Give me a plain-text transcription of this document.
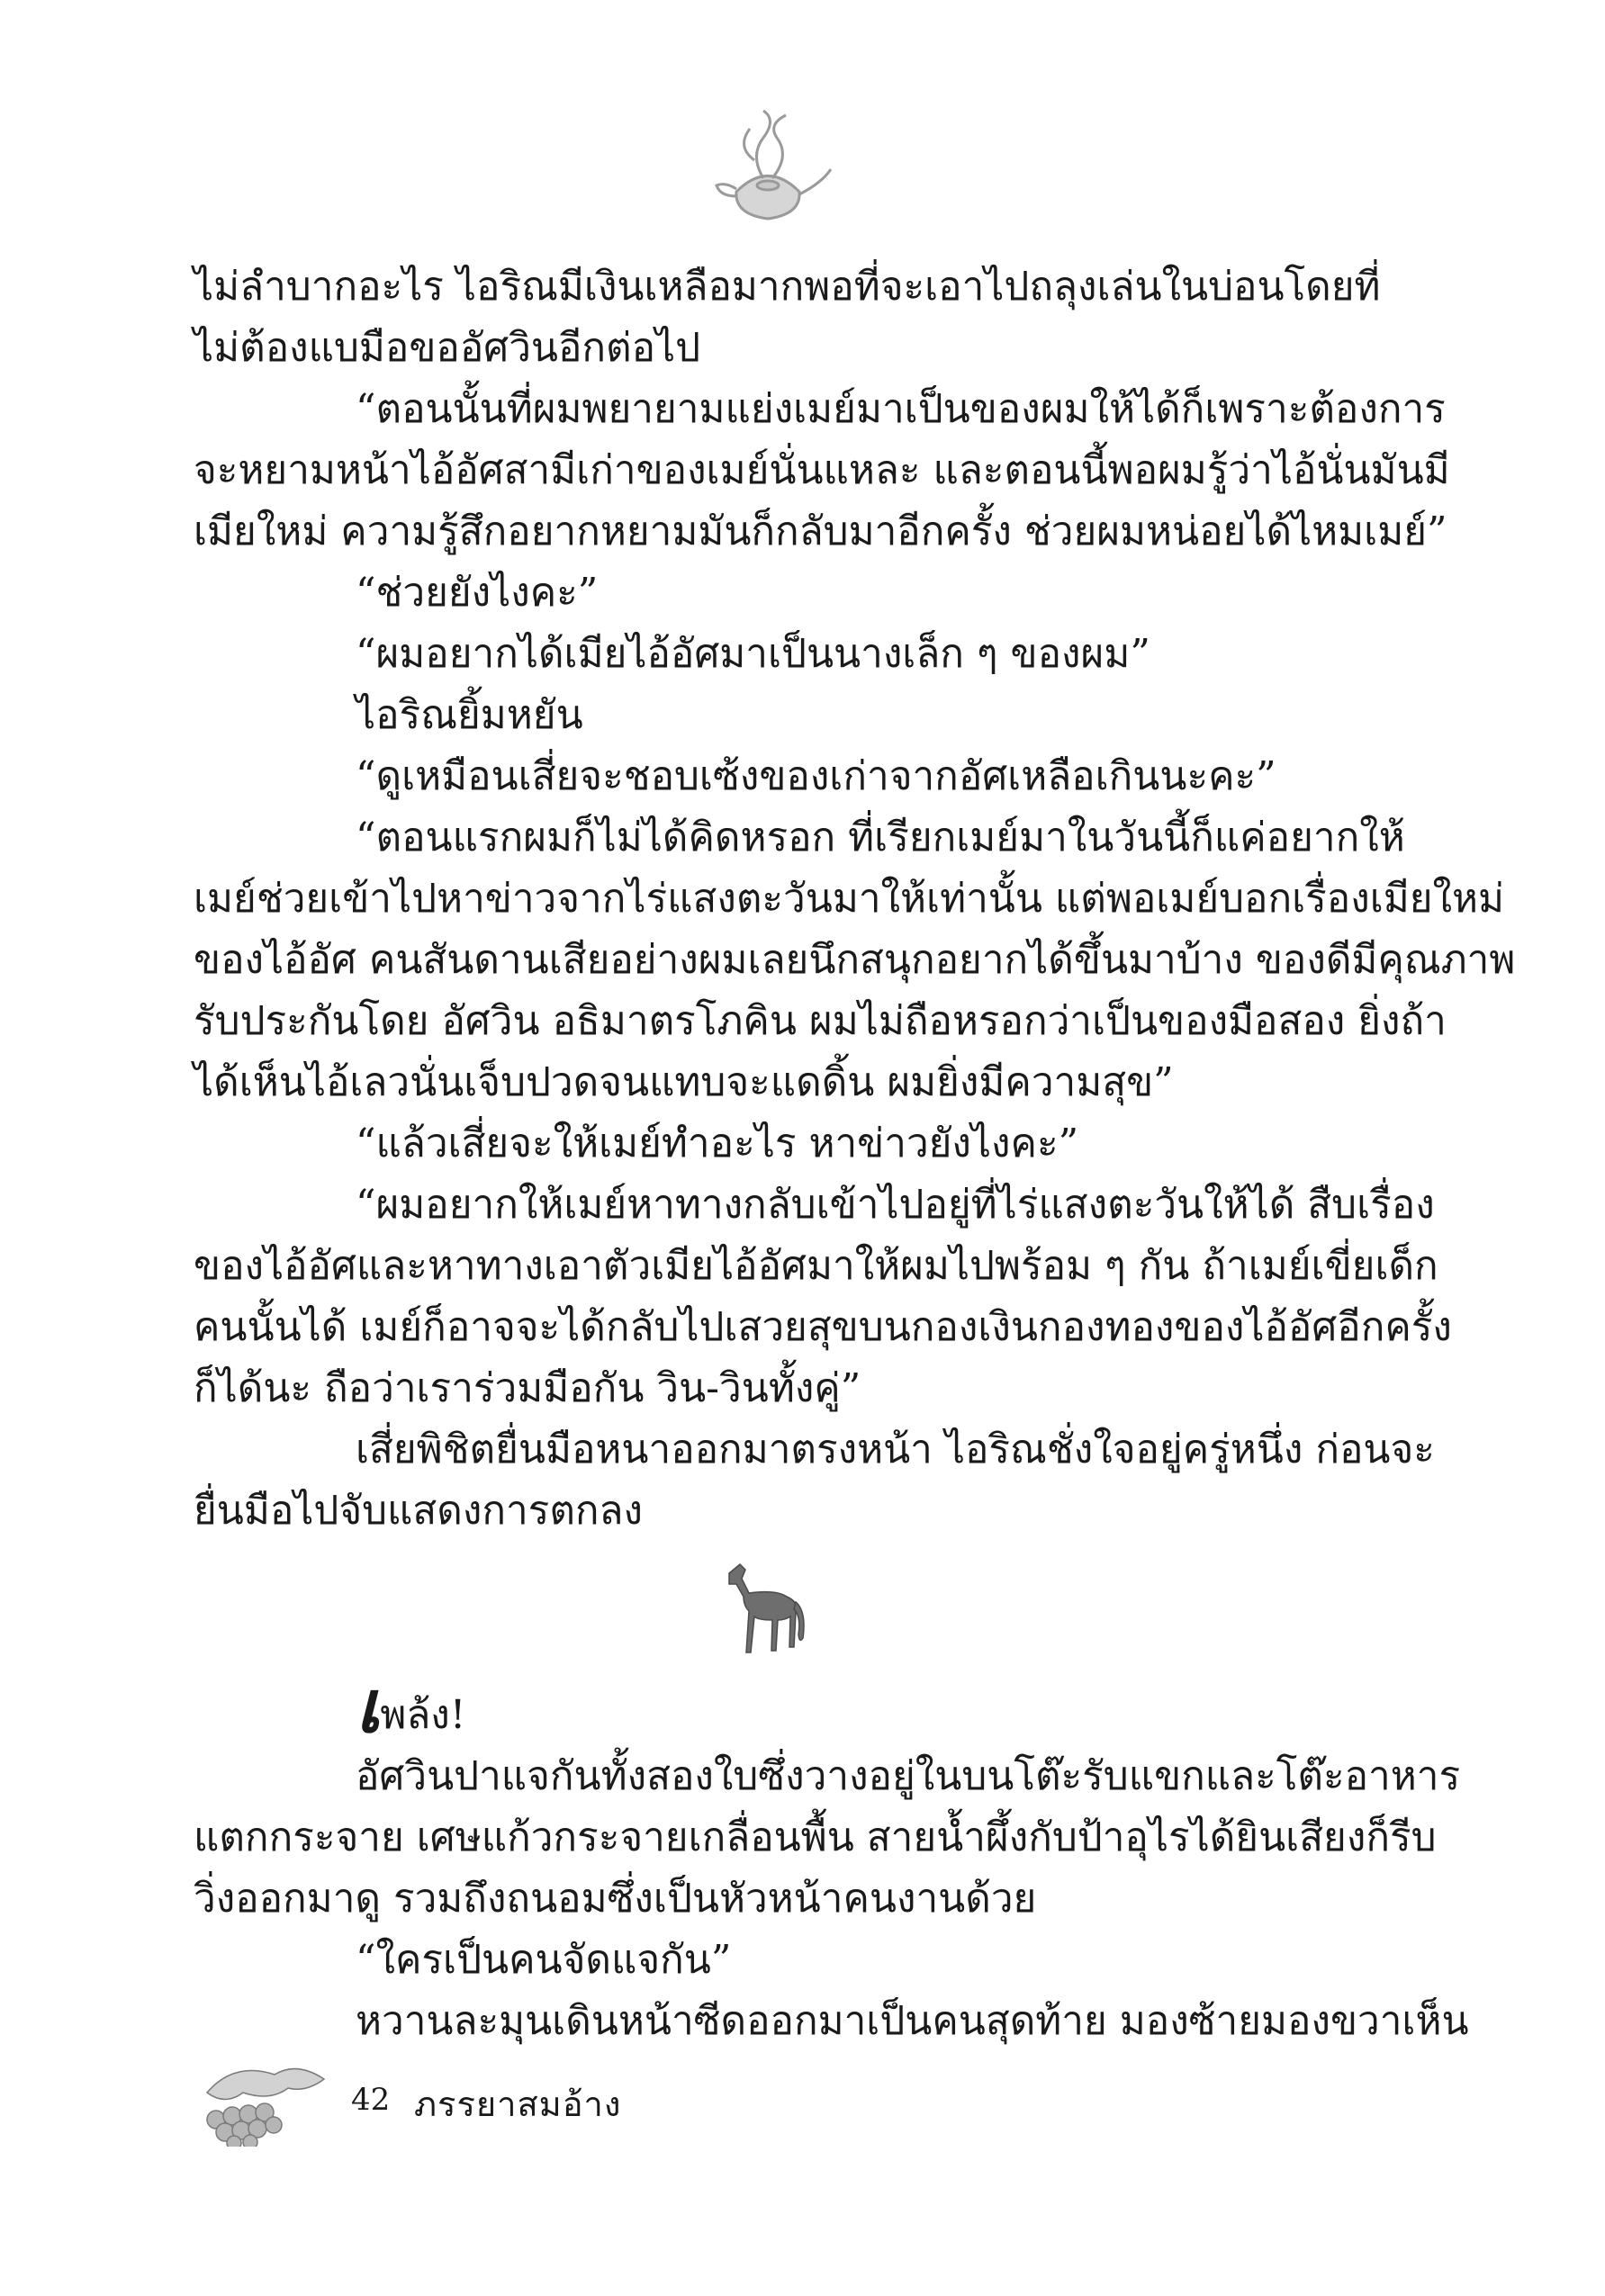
ไม่ลำบากอะไร ไอริณมีเงินเหลือมากพอที่จะเอาไปถลุงเล่นในบ่อนโดยที่
ไม่ต้องแบมือขออัศวินอีกต่อไป
“ตอนนั้นที่ผมพยายามแย่งเมย์มาเป็นของผมให้ได้ก็เพราะต้องการ
จะหยามหน้าไอ้อัศสามีเก่าของเมย์นั่นแหละ และตอนนี้พอผมรู้ว่าไอ้นั่นมันมี
เมียใหม่ ความรู้สึกอยากหยามมันก็กลับมาอีกครั้ง ช่วยผมหน่อยได้ไหมเมย์”
“ช่วยยังไงคะ”
“ผมอยากได้เมียไอ้อัศมาเป็นนางเล็ก ๆ ของผม”
ไอริณยิ้มหยัน
“ดูเหมือนเสี่ยจะชอบเซ้งของเก่าจากอัศเหลือเกินนะคะ”
“ตอนแรกผมก็ไม่ได้คิดหรอก ที่เรียกเมย์มาในวันนี้ก็แค่อยากให้
เมย์ช่วยเข้าไปหาข่าวจากไร่แสงตะวันมาให้เท่านั้น แต่พอเมย์บอกเรื่องเมียใหม่
ของไอ้อัศ คนสันดานเสียอย่างผมเลยนึกสนุกอยากได้ขึ้นมาบ้าง ของดีมีคุณภาพ
รับประกันโดย อัศวิน อธิมาตรโภคิน ผมไม่ถือหรอกว่าเป็นของมือสอง ยิ่งถ้า
ได้เห็นไอ้เลวนั่นเจ็บปวดจนแทบจะแดดิ้น ผมยิ่งมีความสุข”
“แล้วเสี่ยจะให้เมย์ทำอะไร หาข่าวยังไงคะ”
“ผมอยากให้เมย์หาทางกลับเข้าไปอยู่ที่ไร่แสงตะวันให้ได้ สืบเรื่อง
ของไอ้อัศและหาทางเอาตัวเมียไอ้อัศมาให้ผมไปพร้อม ๆ กัน ถ้าเมย์เขี่ยเด็ก
คนนั้นได้ เมย์ก็อาจจะได้กลับไปเสวยสุขบนกองเงินกองทองของไอ้อัศอีกครั้ง
ก็ได้นะ ถือว่าเราร่วมมือกัน วิน-วินทั้งคู่”
เสี่ยพิชิตยื่นมือหนาออกมาตรงหน้า ไอริณชั่งใจอยู่ครู่หนึ่ง ก่อนจะ
ยื่นมือไปจับแสดงการตกลง
เพล้ง!
อัศวินปาแจกันทั้งสองใบซึ่งวางอยู่ในบนโต๊ะรับแขกและโต๊ะอาหาร
แตกกระจาย เศษแก้วกระจายเกลื่อนพื้น สายน้ำผึ้งกับป้าอุไรได้ยินเสียงก็รีบ
วิ่งออกมาดู รวมถึงถนอมซึ่งเป็นหัวหน้าคนงานด้วย
“ใครเป็นคนจัดแจกัน”
หวานละมุนเดินหน้าซีดออกมาเป็นคนสุดท้าย มองซ้ายมองขวาเห็น
42 ภรรยาสมอ้าง
